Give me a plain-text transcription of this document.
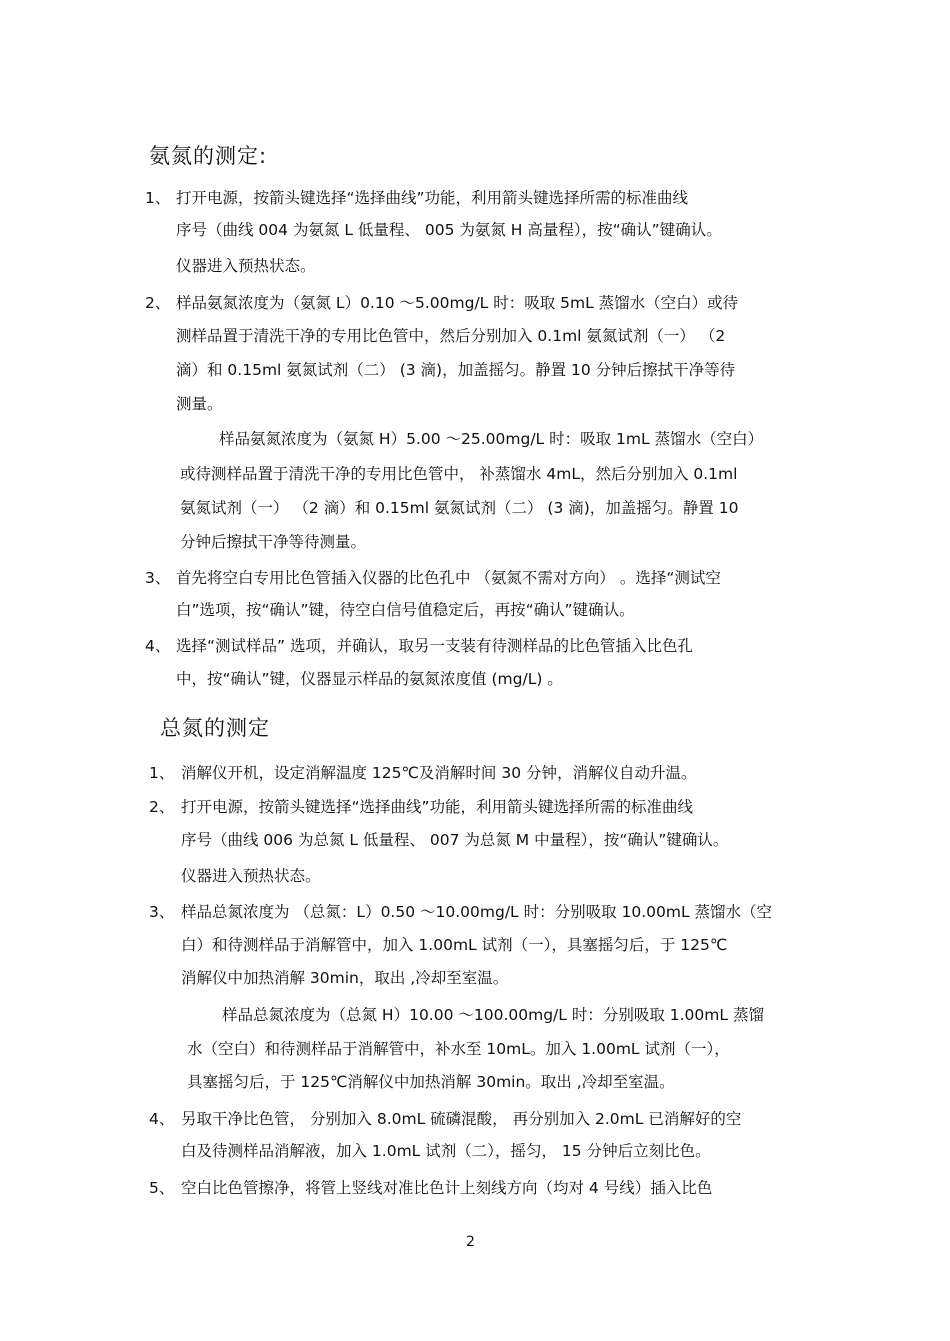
氨氮的测定:
1、 打开电源，按箭头键选择“选择曲线”功能，利用箭头键选择所需的标准曲线
序号（曲线 004 为氨氮 L 低量程、 005 为氨氮 H 高量程），按“确认”键确认。
仪器进入预热状态。
2、 样品氨氮浓度为（氨氮 L）0.10 ～5.00mg/L 时：吸取 5mL 蒸馏水（空白）或待
测样品置于清洗干净的专用比色管中，然后分别加入 0.1ml 氨氮试剂（一） （2
滴）和 0.15ml 氨氮试剂（二） (3 滴)，加盖摇匀。静置 10 分钟后擦拭干净等待
测量。
样品氨氮浓度为（氨氮 H）5.00 ～25.00mg/L 时：吸取 1mL 蒸馏水（空白）
或待测样品置于清洗干净的专用比色管中， 补蒸馏水 4mL，然后分别加入 0.1ml
氨氮试剂（一） （2 滴）和 0.15ml 氨氮试剂（二） (3 滴)，加盖摇匀。静置 10
分钟后擦拭干净等待测量。
3、 首先将空白专用比色管插入仪器的比色孔中 （氨氮不需对方向） 。选择“测试空
白”选项，按“确认”键，待空白信号值稳定后，再按“确认”键确认。
4、 选择“测试样品” 选项，并确认，取另一支装有待测样品的比色管插入比色孔
中，按“确认”键，仪器显示样品的氨氮浓度值 (mg/L) 。
总氮的测定
1、 消解仪开机，设定消解温度 125℃及消解时间 30 分钟，消解仪自动升温。
2、 打开电源，按箭头键选择“选择曲线”功能，利用箭头键选择所需的标准曲线
序号（曲线 006 为总氮 L 低量程、 007 为总氮 M 中量程），按“确认”键确认。
仪器进入预热状态。
3、 样品总氮浓度为 （总氮：L）0.50 ～10.00mg/L 时：分别吸取 10.00mL 蒸馏水（空
白）和待测样品于消解管中，加入 1.00mL 试剂（一），具塞摇匀后，于 125℃
消解仪中加热消解 30min，取出 ,冷却至室温。
样品总氮浓度为（总氮 H）10.00 ～100.00mg/L 时：分别吸取 1.00mL 蒸馏
水（空白）和待测样品于消解管中，补水至 10mL。加入 1.00mL 试剂（一），
具塞摇匀后，于 125℃消解仪中加热消解 30min。取出 ,冷却至室温。
4、 另取干净比色管， 分别加入 8.0mL 硫磷混酸， 再分别加入 2.0mL 已消解好的空
白及待测样品消解液，加入 1.0mL 试剂（二），摇匀， 15 分钟后立刻比色。
5、 空白比色管擦净，将管上竖线对准比色计上刻线方向（均对 4 号线）插入比色
2
